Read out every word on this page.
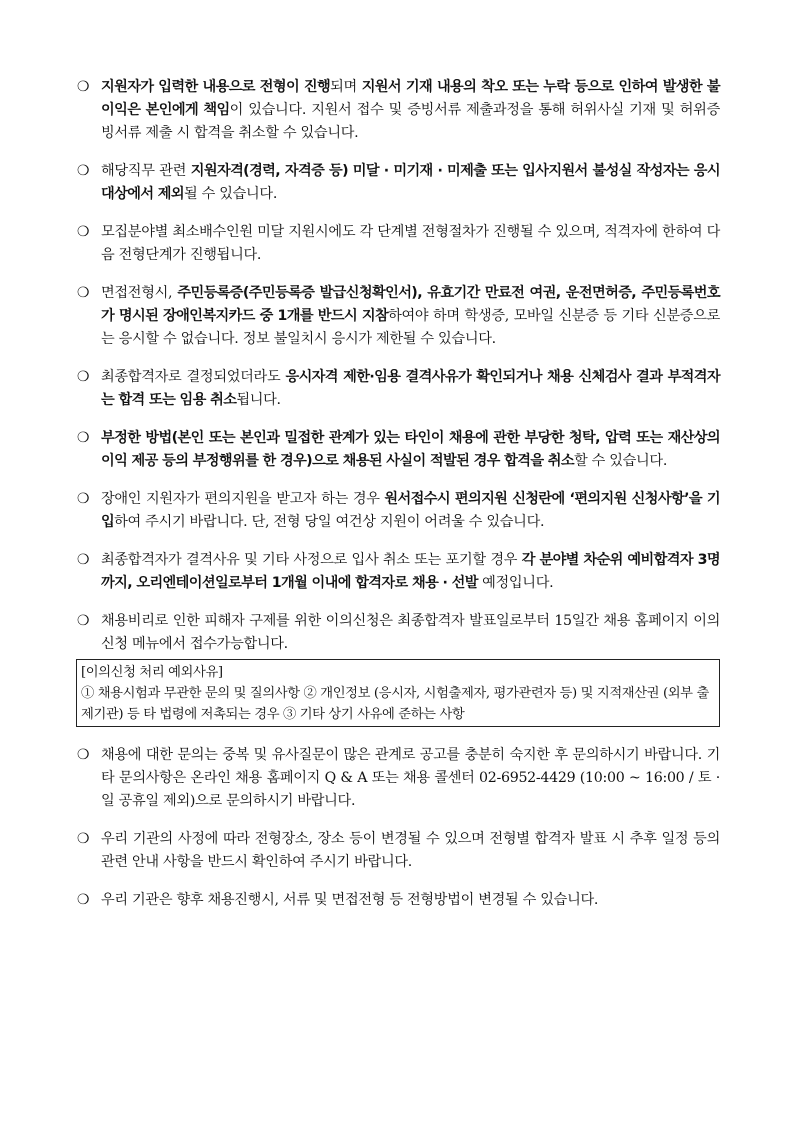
❍ 지원자가 입력한 내용으로 전형이 진행되며 지원서 기재 내용의 착오 또는 누락 등으로 인하여 발생한 불이익은 본인에게 책임이 있습니다. 지원서 접수 및 증빙서류 제출과정을 통해 허위사실 기재 및 허위증빙서류 제출 시 합격을 취소할 수 있습니다.
❍ 해당직무 관련 지원자격(경력, 자격증 등) 미달 · 미기재 · 미제출 또는 입사지원서 불성실 작성자는 응시 대상에서 제외될 수 있습니다.
❍ 모집분야별 최소배수인원 미달 지원시에도 각 단계별 전형절차가 진행될 수 있으며, 적격자에 한하여 다음 전형단계가 진행됩니다.
❍ 면접전형시, 주민등록증(주민등록증 발급신청확인서), 유효기간 만료전 여권, 운전면허증, 주민등록번호가 명시된 장애인복지카드 중 1개를 반드시 지참하여야 하며 학생증, 모바일 신분증 등 기타 신분증으로는 응시할 수 없습니다. 정보 불일치시 응시가 제한될 수 있습니다.
❍ 최종합격자로 결정되었더라도 응시자격 제한·임용 결격사유가 확인되거나 채용 신체검사 결과 부적격자는 합격 또는 임용 취소됩니다.
❍ 부정한 방법(본인 또는 본인과 밀접한 관계가 있는 타인이 채용에 관한 부당한 청탁, 압력 또는 재산상의 이익 제공 등의 부정행위를 한 경우)으로 채용된 사실이 적발된 경우 합격을 취소할 수 있습니다.
❍ 장애인 지원자가 편의지원을 받고자 하는 경우 원서접수시 편의지원 신청란에 ‘편의지원 신청사항’을 기입하여 주시기 바랍니다. 단, 전형 당일 여건상 지원이 어려울 수 있습니다.
❍ 최종합격자가 결격사유 및 기타 사정으로 입사 취소 또는 포기할 경우 각 분야별 차순위 예비합격자 3명까지, 오리엔테이션일로부터 1개월 이내에 합격자로 채용 · 선발 예정입니다.
❍ 채용비리로 인한 피해자 구제를 위한 이의신청은 최종합격자 발표일로부터 15일간 채용 홈페이지 이의신청 메뉴에서 접수가능합니다.
[이의신청 처리 예외사유]
① 채용시험과 무관한 문의 및 질의사항 ② 개인정보 (응시자, 시험출제자, 평가관련자 등) 및 지적재산권 (외부 출제기관) 등 타 법령에 저촉되는 경우 ③ 기타 상기 사유에 준하는 사항
❍ 채용에 대한 문의는 중복 및 유사질문이 많은 관계로 공고를 충분히 숙지한 후 문의하시기 바랍니다. 기타 문의사항은 온라인 채용 홈페이지 Q & A 또는 채용 콜센터 02-6952-4429 (10:00 ~ 16:00 / 토 · 일 공휴일 제외)으로 문의하시기 바랍니다.
❍ 우리 기관의 사정에 따라 전형장소, 장소 등이 변경될 수 있으며 전형별 합격자 발표 시 추후 일정 등의 관련 안내 사항을 반드시 확인하여 주시기 바랍니다.
❍ 우리 기관은 향후 채용진행시, 서류 및 면접전형 등 전형방법이 변경될 수 있습니다.
